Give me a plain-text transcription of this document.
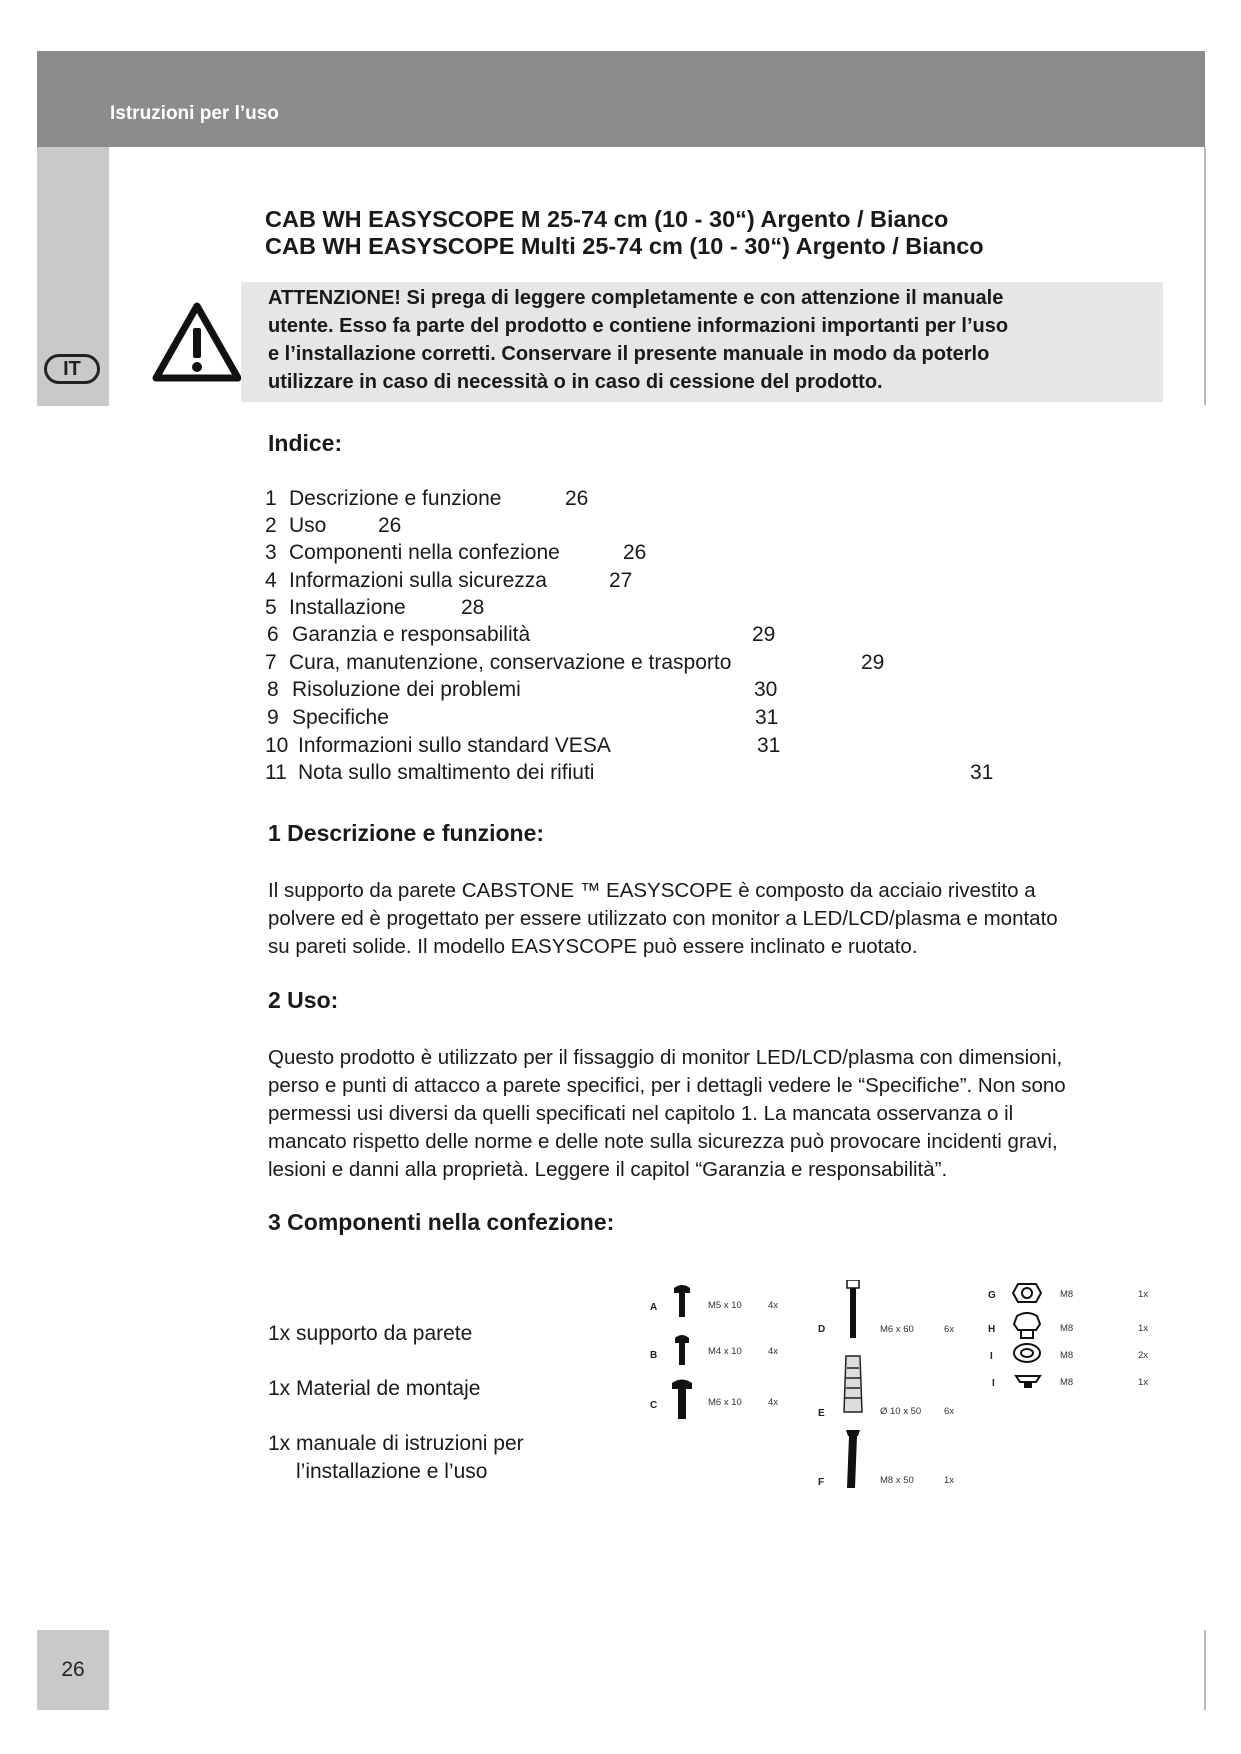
Istruzioni per l’uso
IT
26
CAB WH EASYSCOPE M 25-74 cm (10 - 30“) Argento / Bianco
CAB WH EASYSCOPE Multi 25-74 cm (10 - 30“) Argento / Bianco
ATTENZIONE! Si prega di leggere completamente e con attenzione il manuale
utente. Esso fa parte del prodotto e contiene informazioni importanti per l’uso
e l’installazione corretti. Conservare il presente manuale in modo da poterlo
utilizzare in caso di necessità o in caso di cessione del prodotto.
Indice:
1 Descrizione e funzione	26
2 Uso 26
3 Componenti nella confezione	26
4 Informazioni sulla sicurezza	27
5 Installazione	28
6 Garanzia e responsabilità	29
7 Cura, manutenzione, conservazione e trasporto	29
8 Risoluzione dei problemi	30
9 Specifiche	31
10 Informazioni sullo standard VESA	31
11 Nota sullo smaltimento dei rifiuti	31
1 Descrizione e funzione:
Il supporto da parete CABSTONE ™ EASYSCOPE è composto da acciaio rivestito a
polvere ed è progettato per essere utilizzato con monitor a LED/LCD/plasma e montato
su pareti solide. Il modello EASYSCOPE può essere inclinato e ruotato.
2 Uso:
Questo prodotto è utilizzato per il fissaggio di monitor LED/LCD/plasma con dimensioni,
perso e punti di attacco a parete specifici, per i dettagli vedere le “Specifiche”. Non sono
permessi usi diversi da quelli specificati nel capitolo 1. La mancata osservanza o il
mancato rispetto delle norme e delle note sulla sicurezza può provocare incidenti gravi,
lesioni e danni alla proprietà. Leggere il capitol “Garanzia e responsabilità”.
3 Componenti nella confezione:
1x supporto da parete
1x Material de montaje
1x manuale di istruzioni per
l’installazione e l’uso
A	M5 x 10	4x
B	M4 x 10	4x
C	M6 x 10	4x
D	M6 x 60	6x
E	Ø 10 x 50 6x
F	M8 x 50	1x
G	M8	1x
H	M8	1x
I	M8	2x
I	M8	1x
